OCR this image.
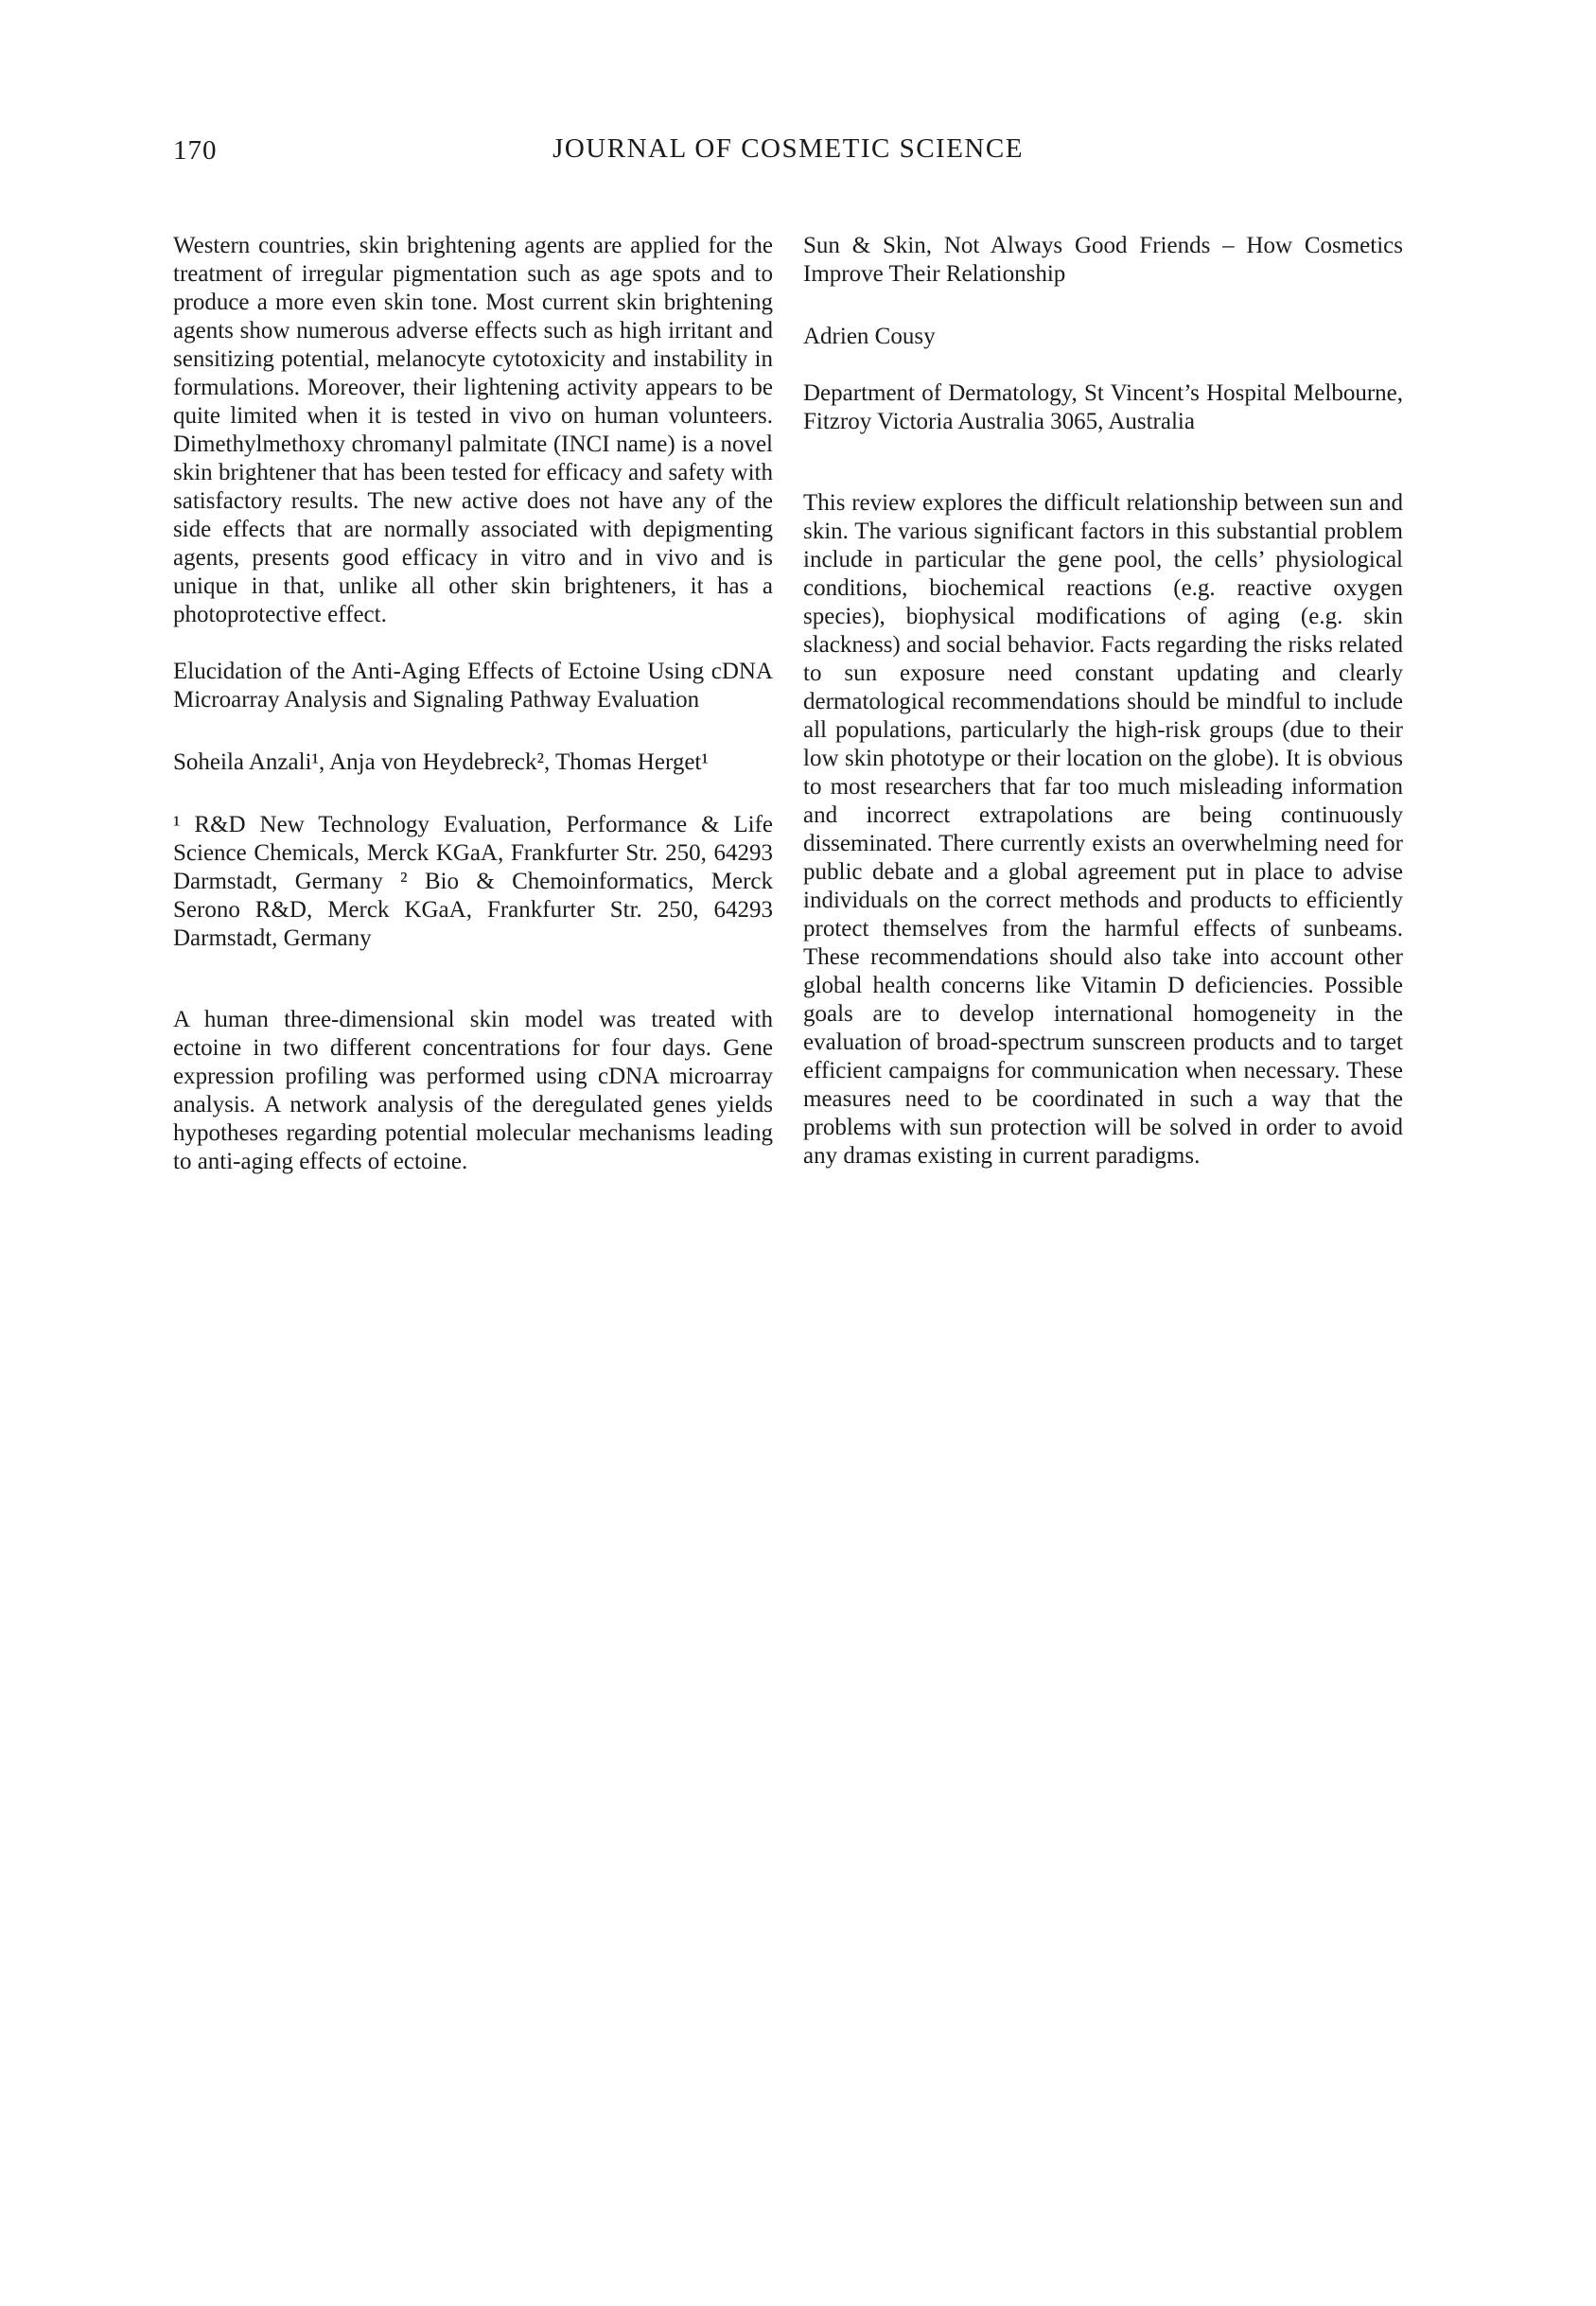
170	JOURNAL OF COSMETIC SCIENCE

Western countries, skin brightening agents are applied for the treatment of irregular pigmentation such as age spots and to produce a more even skin tone. Most current skin brightening agents show numerous adverse effects such as high irritant and sensitizing potential, melanocyte cytotoxicity and instability in formulations. Moreover, their lightening activity appears to be quite limited when it is tested in vivo on human volunteers. Dimethylmethoxy chromanyl palmitate (INCI name) is a novel skin brightener that has been tested for efficacy and safety with satisfactory results. The new active does not have any of the side effects that are normally associated with depigmenting agents, presents good efficacy in vitro and in vivo and is unique in that, unlike all other skin brighteners, it has a photoprotective effect.

Elucidation of the Anti-Aging Effects of Ectoine Using cDNA Microarray Analysis and Signaling Pathway Evaluation

Soheila Anzali¹, Anja von Heydebreck², Thomas Herget¹

¹ R&D New Technology Evaluation, Performance & Life Science Chemicals, Merck KGaA, Frankfurter Str. 250, 64293 Darmstadt, Germany ² Bio & Chemoinformatics, Merck Serono R&D, Merck KGaA, Frankfurter Str. 250, 64293 Darmstadt, Germany

A human three-dimensional skin model was treated with ectoine in two different concentrations for four days. Gene expression profiling was performed using cDNA microarray analysis. A network analysis of the deregulated genes yields hypotheses regarding potential molecular mechanisms leading to anti-aging effects of ectoine.

Sun & Skin, Not Always Good Friends – How Cosmetics Improve Their Relationship

Adrien Cousy

Department of Dermatology, St Vincent’s Hospital Melbourne, Fitzroy Victoria Australia 3065, Australia

This review explores the difficult relationship between sun and skin. The various significant factors in this substantial problem include in particular the gene pool, the cells’ physiological conditions, biochemical reactions (e.g. reactive oxygen species), biophysical modifications of aging (e.g. skin slackness) and social behavior. Facts regarding the risks related to sun exposure need constant updating and clearly dermatological recommendations should be mindful to include all populations, particularly the high-risk groups (due to their low skin phototype or their location on the globe). It is obvious to most researchers that far too much misleading information and incorrect extrapolations are being continuously disseminated. There currently exists an overwhelming need for public debate and a global agreement put in place to advise individuals on the correct methods and products to efficiently protect themselves from the harmful effects of sunbeams. These recommendations should also take into account other global health concerns like Vitamin D deficiencies. Possible goals are to develop international homogeneity in the evaluation of broad-spectrum sunscreen products and to target efficient campaigns for communication when necessary. These measures need to be coordinated in such a way that the problems with sun protection will be solved in order to avoid any dramas existing in current paradigms.
